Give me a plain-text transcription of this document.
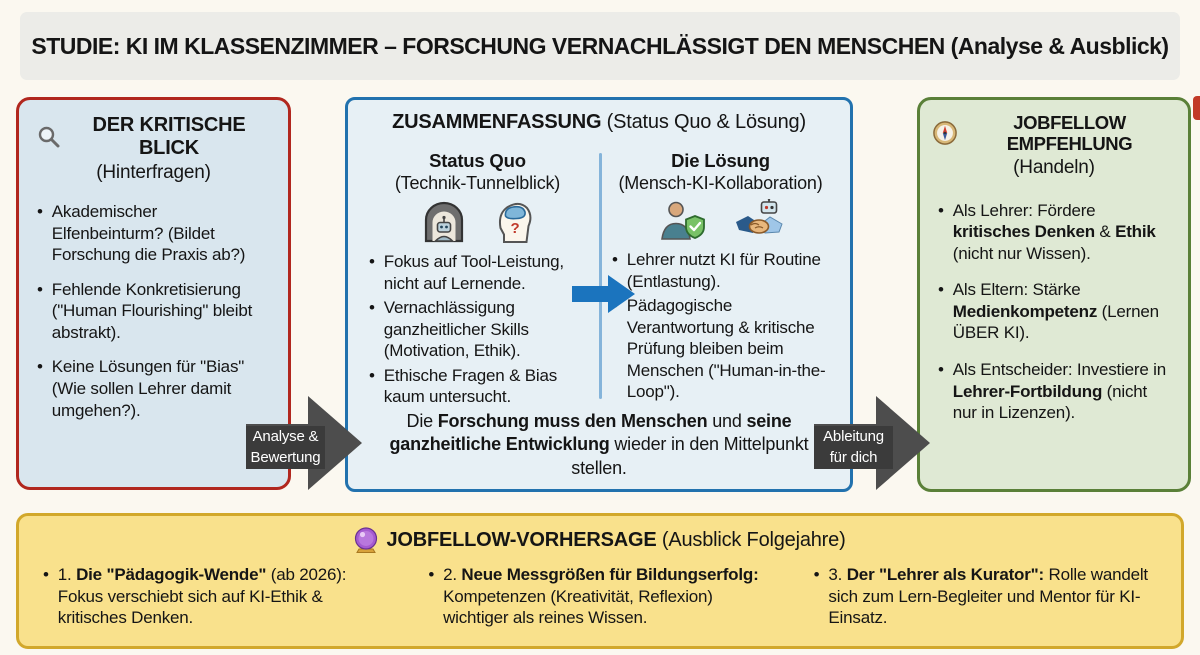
STUDIE: KI IM KLASSENZIMMER – FORSCHUNG VERNACHLÄSSIGT DEN MENSCHEN (Analyse & Ausblick)
DER KRITISCHE BLICK
(Hinterfragen)
• Akademischer Elfenbeinturm? (Bildet Forschung die Praxis ab?)
• Fehlende Konkretisierung ("Human Flourishing" bleibt abstrakt).
• Keine Lösungen für "Bias" (Wie sollen Lehrer damit umgehen?).
ZUSAMMENFASSUNG (Status Quo & Lösung)
Status Quo
(Technik-Tunnelblick)
?
• Fokus auf Tool-Leistung, nicht auf Lernende.
• Vernachlässigung ganzheitlicher Skills (Motivation, Ethik).
• Ethische Fragen & Bias kaum untersucht.
Die Lösung
(Mensch-KI-Kollaboration)
• Lehrer nutzt KI für Routine (Entlastung).
Pädagogische Verantwortung & kritische Prüfung bleiben beim Menschen ("Human-in-the-Loop").
Die Forschung muss den Menschen und seine ganzheitliche Entwicklung wieder in den Mittelpunkt stellen.
JOBFELLOW EMPFEHLUNG
(Handeln)
• Als Lehrer: Fördere kritisches Denken & Ethik (nicht nur Wissen).
• Als Eltern: Stärke Medienkompetenz (Lernen ÜBER KI).
• Als Entscheider: Investiere in Lehrer-Fortbildung (nicht nur in Lizenzen).
Analyse &
Bewertung
Ableitung
für dich
JOBFELLOW-VORHERSAGE (Ausblick Folgejahre)
• 1. Die "Pädagogik-Wende" (ab 2026): Fokus verschiebt sich auf KI-Ethik & kritisches Denken.
• 2. Neue Messgrößen für Bildungserfolg: Kompetenzen (Kreativität, Reflexion) wichtiger als reines Wissen.
• 3. Der "Lehrer als Kurator": Rolle wandelt sich zum Lern-Begleiter und Mentor für KI-Einsatz.
